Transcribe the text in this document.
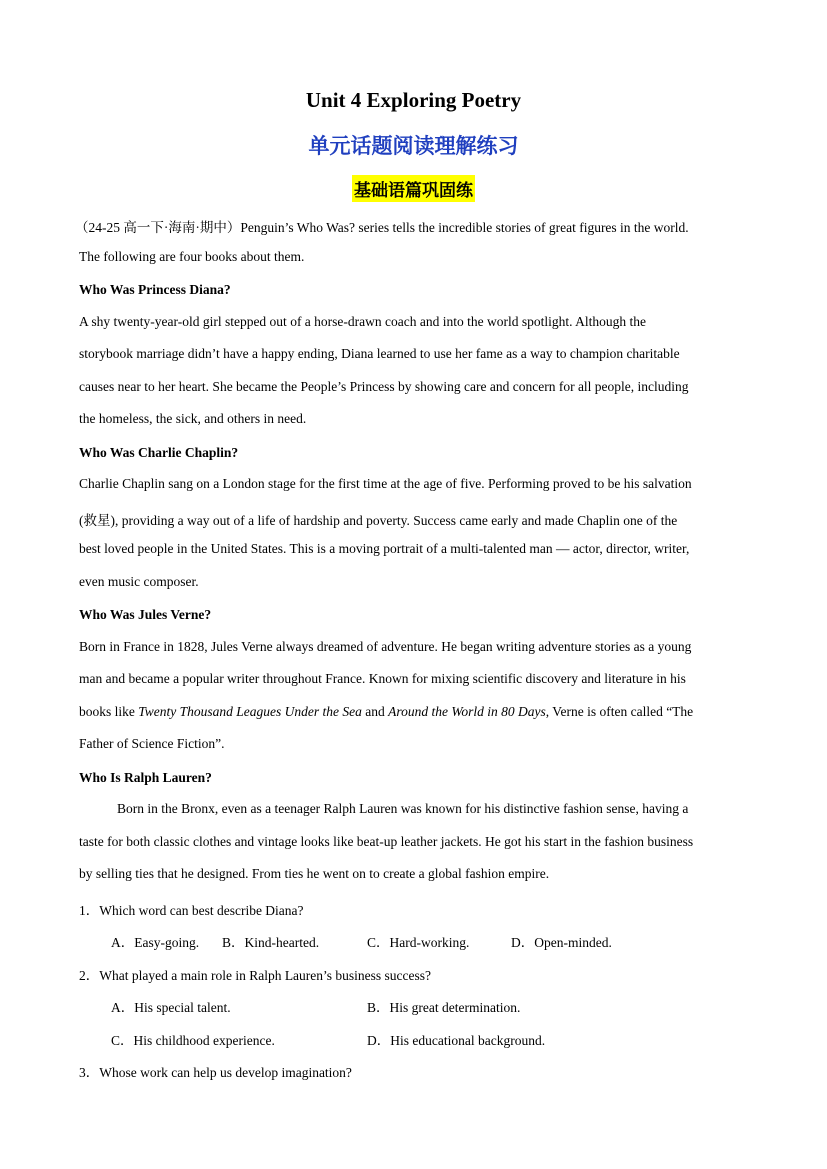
Unit 4 Exploring Poetry
单元话题阅读理解练习
基础语篇巩固练
（24-25 高一下·海南·期中）Penguin’s Who Was? series tells the incredible stories of great figures in the world.
The following are four books about them.
Who Was Princess Diana?
A shy twenty-year-old girl stepped out of a horse-drawn coach and into the world spotlight. Although the
storybook marriage didn’t have a happy ending, Diana learned to use her fame as a way to champion charitable
causes near to her heart. She became the People’s Princess by showing care and concern for all people, including
the homeless, the sick, and others in need.
Who Was Charlie Chaplin?
Charlie Chaplin sang on a London stage for the first time at the age of five. Performing proved to be his salvation
(救星), providing a way out of a life of hardship and poverty. Success came early and made Chaplin one of the
best loved people in the United States. This is a moving portrait of a multi-talented man — actor, director, writer,
even music composer.
Who Was Jules Verne?
Born in France in 1828, Jules Verne always dreamed of adventure. He began writing adventure stories as a young
man and became a popular writer throughout France. Known for mixing scientific discovery and literature in his
books like Twenty Thousand Leagues Under the Sea and Around the World in 80 Days, Verne is often called “The
Father of Science Fiction”.
Who Is Ralph Lauren?
Born in the Bronx, even as a teenager Ralph Lauren was known for his distinctive fashion sense, having a
taste for both classic clothes and vintage looks like beat-up leather jackets. He got his start in the fashion business
by selling ties that he designed. From ties he went on to create a global fashion empire.
1．Which word can best describe Diana?
A．Easy-going. B．Kind-hearted.	C．Hard-working.	D．Open-minded.
2．What played a main role in Ralph Lauren’s business success?
A．His special talent.	B．His great determination.
C．His childhood experience.	D．His educational background.
3．Whose work can help us develop imagination?
